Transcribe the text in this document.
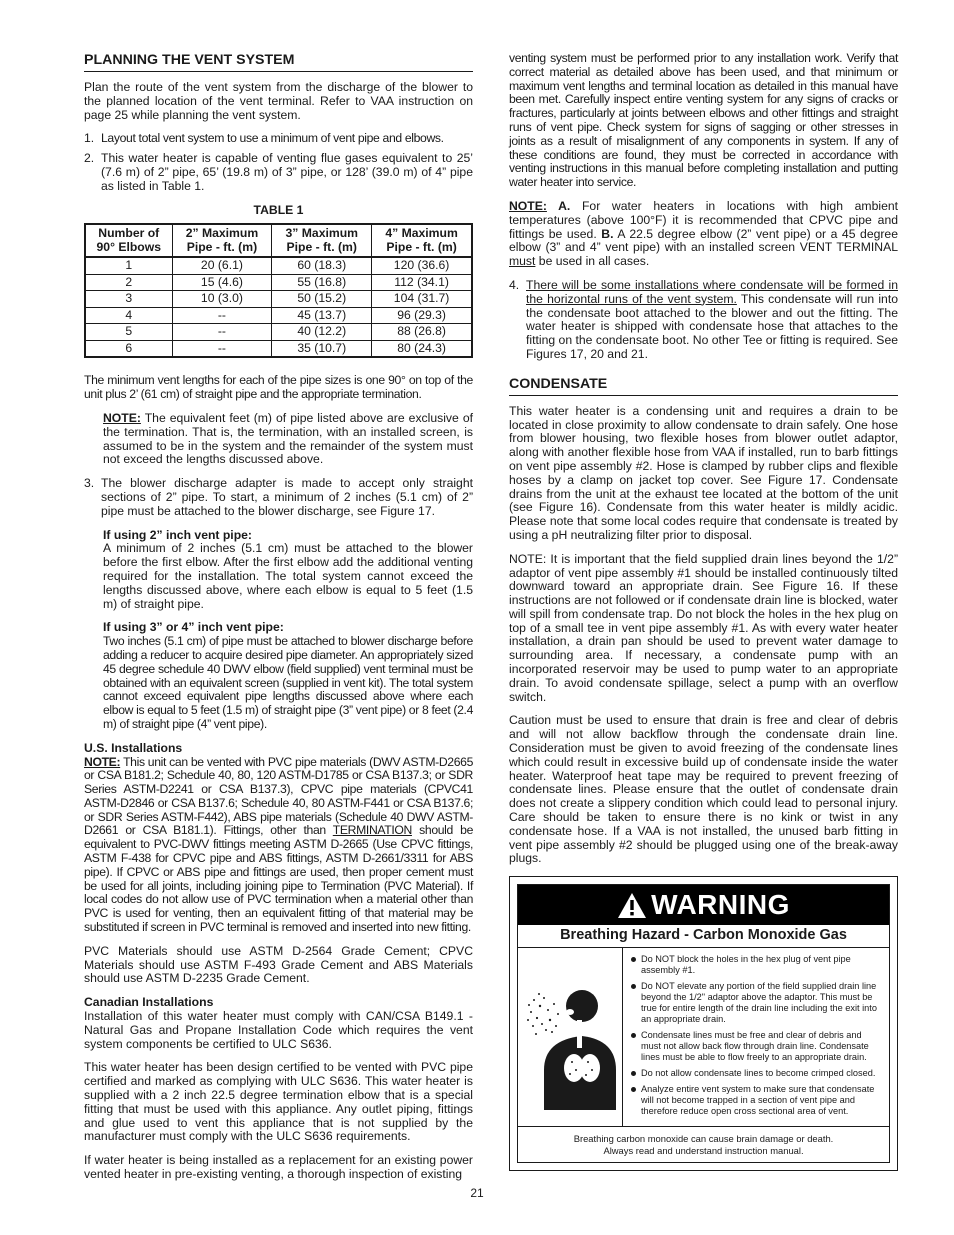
PLANNING THE VENT SYSTEM

Plan the route of the vent system from the discharge of the blower to the planned location of the vent terminal. Refer to VAA instruction on page 25 while planning the vent system.

1. Layout total vent system to use a minimum of vent pipe and elbows.
2. This water heater is capable of venting flue gases equivalent to 25’ (7.6 m) of 2” pipe, 65’ (19.8 m) of 3” pipe, or 128’ (39.0 m) of 4” pipe as listed in Table 1.
TABLE 1
Number of 90° Elbows	2” Maximum Pipe - ft. (m)	3” Maximum Pipe - ft. (m)	4” Maximum Pipe - ft. (m)
1	20 (6.1)	60 (18.3)	120 (36.6)
2	15 (4.6)	55 (16.8)	112 (34.1)
3	10 (3.0)	50 (15.2)	104 (31.7)
4	--	45 (13.7)	96 (29.3)
5	--	40 (12.2)	88 (26.8)
6	--	35 (10.7)	80 (24.3)

The minimum vent lengths for each of the pipe sizes is one 90° on top of the unit plus 2’ (61 cm) of straight pipe and the appropriate termination.

NOTE: The equivalent feet (m) of pipe listed above are exclusive of the termination. That is, the termination, with an installed screen, is assumed to be in the system and the remainder of the system must not exceed the lengths discussed above.

3. The blower discharge adapter is made to accept only straight sections of 2” pipe. To start, a minimum of 2 inches (5.1 cm) of 2” pipe must be attached to the blower discharge, see Figure 17.
If using 2” inch vent pipe:

A minimum of 2 inches (5.1 cm) must be attached to the blower before the first elbow. After the first elbow add the additional venting required for the installation. The total system cannot exceed the lengths discussed above, where each elbow is equal to 5 feet (1.5 m) of straight pipe.

If using 3” or 4” inch vent pipe:

Two inches (5.1 cm) of pipe must be attached to blower discharge before adding a reducer to acquire desired pipe diameter. An appropriately sized 45 degree schedule 40 DWV elbow (field supplied) vent terminal must be obtained with an equivalent screen (supplied in vent kit). The total system cannot exceed equivalent pipe lengths discussed above where each elbow is equal to 5 feet (1.5 m) of straight pipe (3” vent pipe) or 8 feet (2.4 m) of straight pipe (4” vent pipe).

U.S. Installations

NOTE: This unit can be vented with PVC pipe materials (DWV ASTM-D2665 or CSA B181.2; Schedule 40, 80, 120 ASTM-D1785 or CSA B137.3; or SDR Series ASTM-D2241 or CSA B137.3), CPVC pipe materials (CPVC41 ASTM-D2846 or CSA B137.6; Schedule 40, 80 ASTM-F441 or CSA B137.6; or SDR Series ASTM-F442), ABS pipe materials (Schedule 40 DWV ASTM-D2661 or CSA B181.1). Fittings, other than TERMINATION should be equivalent to PVC-DWV fittings meeting ASTM D-2665 (Use CPVC fittings, ASTM F-438 for CPVC pipe and ABS fittings, ASTM D-2661/3311 for ABS pipe). If CPVC or ABS pipe and fittings are used, then proper cement must be used for all joints, including joining pipe to Termination (PVC Material). If local codes do not allow use of PVC termination when a material other than PVC is used for venting, then an equivalent fitting of that material may be substituted if screen in PVC terminal is removed and inserted into new fitting.

PVC Materials should use ASTM D-2564 Grade Cement; CPVC Materials should use ASTM F-493 Grade Cement and ABS Materials should use ASTM D-2235 Grade Cement.

Canadian Installations

Installation of this water heater must comply with CAN/CSA B149.1 - Natural Gas and Propane Installation Code which requires the vent system components be certified to ULC S636.

This water heater has been design certified to be vented with PVC pipe certified and marked as complying with ULC S636. This water heater is supplied with a 2 inch 22.5 degree termination elbow that is a special fitting that must be used with this appliance. Any outlet piping, fittings and glue used to vent this appliance that is not supplied by the manufacturer must comply with the ULC S636 requirements.

If water heater is being installed as a replacement for an existing power vented heater in pre-existing venting, a thorough inspection of existing

venting system must be performed prior to any installation work. Verify that correct material as detailed above has been used, and that minimum or maximum vent lengths and terminal location as detailed in this manual have been met. Carefully inspect entire venting system for any signs of cracks or fractures, particularly at joints between elbows and other fittings and straight runs of vent pipe. Check system for signs of sagging or other stresses in joints as a result of misalignment of any components in system. If any of these conditions are found, they must be corrected in accordance with venting instructions in this manual before completing installation and putting water heater into service.

NOTE: A. For water heaters in locations with high ambient temperatures (above 100°F) it is recommended that CPVC pipe and fittings be used. B. A 22.5 degree elbow (2” vent pipe) or a 45 degree elbow (3” and 4” vent pipe) with an installed screen VENT TERMINAL must be used in all cases.

4. There will be some installations where condensate will be formed in the horizontal runs of the vent system. This condensate will run into the condensate boot attached to the blower and out the fitting. The water heater is shipped with condensate hose that attaches to the fitting on the condensate boot. No other Tee or fitting is required. See Figures 17, 20 and 21.
CONDENSATE

This water heater is a condensing unit and requires a drain to be located in close proximity to allow condensate to drain safely. One hose from blower housing, two flexible hoses from blower outlet adaptor, along with another flexible hose from VAA if installed, run to barb fittings on vent pipe assembly #2. Hose is clamped by rubber clips and flexible hoses by a clamp on jacket top cover. See Figure 17. Condensate drains from the unit at the exhaust tee located at the bottom of the unit (see Figure 16). Condensate from this water heater is mildly acidic. Please note that some local codes require that condensate is treated by using a pH neutralizing filter prior to disposal.

NOTE: It is important that the field supplied drain lines beyond the 1/2” adaptor of vent pipe assembly #1 should be installed continuously tilted downward toward an appropriate drain. See Figure 16. If these instructions are not followed or if condensate drain line is blocked, water will spill from condensate trap. Do not block the holes in the hex plug on top of a small tee in vent pipe assembly #1. As with every water heater installation, a drain pan should be used to prevent water damage to surrounding area. If necessary, a condensate pump with an incorporated reservoir may be used to pump water to an appropriate drain. To avoid condensate spillage, select a pump with an overflow switch.

Caution must be used to ensure that drain is free and clear of debris and will not allow backflow through the condensate drain line. Consideration must be given to avoid freezing of the condensate lines which could result in excessive build up of condensate inside the water heater. Waterproof heat tape may be required to prevent freezing of condensate lines. Please ensure that the outlet of condensate drain does not create a slippery condition which could lead to personal injury. Care should be taken to ensure there is no kink or twist in any condensate hose. If a VAA is not installed, the unused barb fitting in vent pipe assembly #2 should be plugged using one of the break-away plugs.

WARNING
Breathing Hazard - Carbon Monoxide Gas
Do NOT block the holes in the hex plug of vent pipe assembly #1.
Do NOT elevate any portion of the field supplied drain line beyond the 1/2" adaptor above the adaptor. This must be true for entire length of the drain line including the exit into an appropriate drain.
Condensate lines must be free and clear of debris and must not allow back flow through drain line. Condensate lines must be able to flow freely to an appropriate drain.
Do not allow condensate lines to become crimped closed.
Analyze entire vent system to make sure that condensate will not become trapped in a section of vent pipe and therefore reduce open cross sectional area of vent.
Breathing carbon monoxide can cause brain damage or death.
Always read and understand instruction manual.
21
